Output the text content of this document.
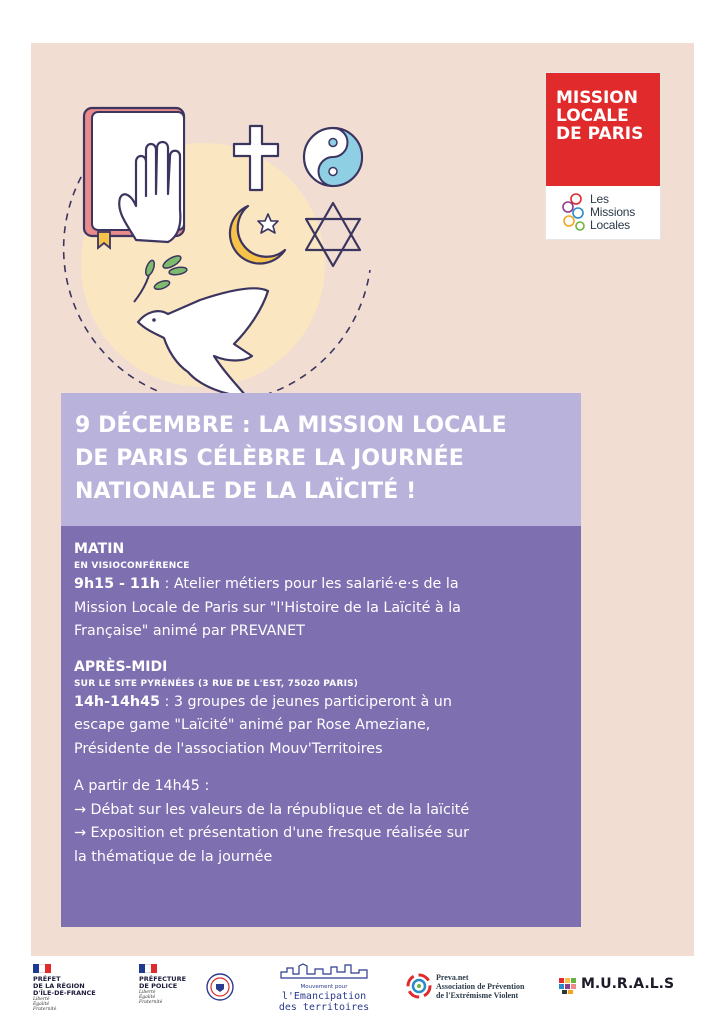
MISSION
LOCALE
DE PARIS
Les
Missions
Locales
9 DÉCEMBRE : LA MISSION LOCALE
DE PARIS CÉLÈBRE LA JOURNÉE
NATIONALE DE LA LAÏCITÉ !
MATIN
EN VISIOCONFÉRENCE
9h15 - 11h : Atelier métiers pour les salarié·e·s de la
Mission Locale de Paris sur "l'Histoire de la Laïcité à la
Française" animé par PREVANET
APRÈS-MIDI
SUR LE SITE PYRÉNÉES (3 RUE DE L'EST, 75020 PARIS)
14h-14h45 : 3 groupes de jeunes participeront à un
escape game "Laïcité" animé par Rose Ameziane,
Présidente de l'association Mouv'Territoires
A partir de 14h45 :
→ Débat sur les valeurs de la république et de la laïcité
→ Exposition et présentation d'une fresque réalisée sur
la thématique de la journée
PRÉFET
DE LA RÉGION
D'ÎLE-DE-FRANCE
Liberté
Égalité
Fraternité
PRÉFECTURE
DE POLICE
Liberté
Égalité
Fraternité
Mouvement pour
l'Emancipation
des territoires
Preva.net
Association de Prévention
de l'Extrémisme Violent
M.U.R.A.L.S
